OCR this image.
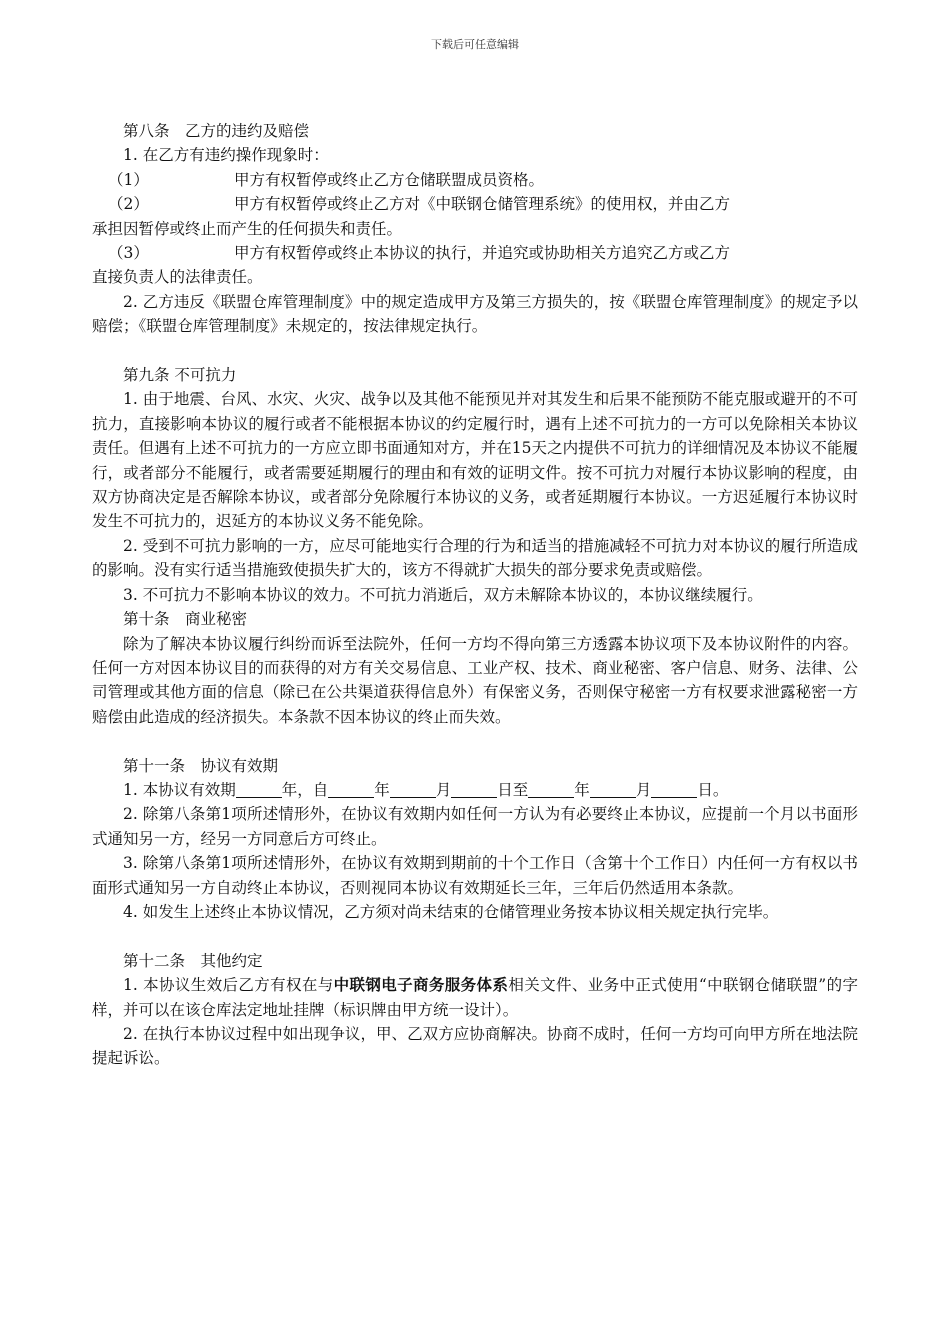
下载后可任意编辑

第八条　乙方的违约及赔偿

1. 在乙方有违约操作现象时：

（1）	甲方有权暂停或终止乙方仓储联盟成员资格。
（2）	甲方有权暂停或终止乙方对《中联钢仓储管理系统》的使用权，并由乙方

承担因暂停或终止而产生的任何损失和责任。

（3）	甲方有权暂停或终止本协议的执行，并追究或协助相关方追究乙方或乙方

直接负责人的法律责任。

2. 乙方违反《联盟仓库管理制度》中的规定造成甲方及第三方损失的，按《联盟仓库管理制度》的规定予以赔偿；《联盟仓库管理制度》未规定的，按法律规定执行。

第九条 不可抗力

1. 由于地震、台风、水灾、火灾、战争以及其他不能预见并对其发生和后果不能预防不能克服或避开的不可抗力，直接影响本协议的履行或者不能根据本协议的约定履行时，遇有上述不可抗力的一方可以免除相关本协议责任。但遇有上述不可抗力的一方应立即书面通知对方，并在15天之内提供不可抗力的详细情况及本协议不能履行，或者部分不能履行，或者需要延期履行的理由和有效的证明文件。按不可抗力对履行本协议影响的程度，由双方协商决定是否解除本协议，或者部分免除履行本协议的义务，或者延期履行本协议。一方迟延履行本协议时发生不可抗力的，迟延方的本协议义务不能免除。

2. 受到不可抗力影响的一方，应尽可能地实行合理的行为和适当的措施减轻不可抗力对本协议的履行所造成的影响。没有实行适当措施致使损失扩大的，该方不得就扩大损失的部分要求免责或赔偿。

3. 不可抗力不影响本协议的效力。不可抗力消逝后，双方未解除本协议的，本协议继续履行。

第十条　商业秘密

除为了解决本协议履行纠纷而诉至法院外，任何一方均不得向第三方透露本协议项下及本协议附件的内容。任何一方对因本协议目的而获得的对方有关交易信息、工业产权、技术、商业秘密、客户信息、财务、法律、公司管理或其他方面的信息（除已在公共渠道获得信息外）有保密义务，否则保守秘密一方有权要求泄露秘密一方赔偿由此造成的经济损失。本条款不因本协议的终止而失效。

第十一条　协议有效期

1. 本协议有效期	年，自	年	月	日至	年	月	日。

2. 除第八条第1项所述情形外，在协议有效期内如任何一方认为有必要终止本协议，应提前一个月以书面形式通知另一方，经另一方同意后方可终止。

3. 除第八条第1项所述情形外，在协议有效期到期前的十个工作日（含第十个工作日）内任何一方有权以书面形式通知另一方自动终止本协议，否则视同本协议有效期延长三年，三年后仍然适用本条款。

4. 如发生上述终止本协议情况，乙方须对尚未结束的仓储管理业务按本协议相关规定执行完毕。

第十二条　其他约定

1. 本协议生效后乙方有权在与中联钢电子商务服务体系相关文件、业务中正式使用“中联钢仓储联盟”的字样，并可以在该仓库法定地址挂牌（标识牌由甲方统一设计）。

2. 在执行本协议过程中如出现争议，甲、乙双方应协商解决。协商不成时，任何一方均可向甲方所在地法院提起诉讼。
